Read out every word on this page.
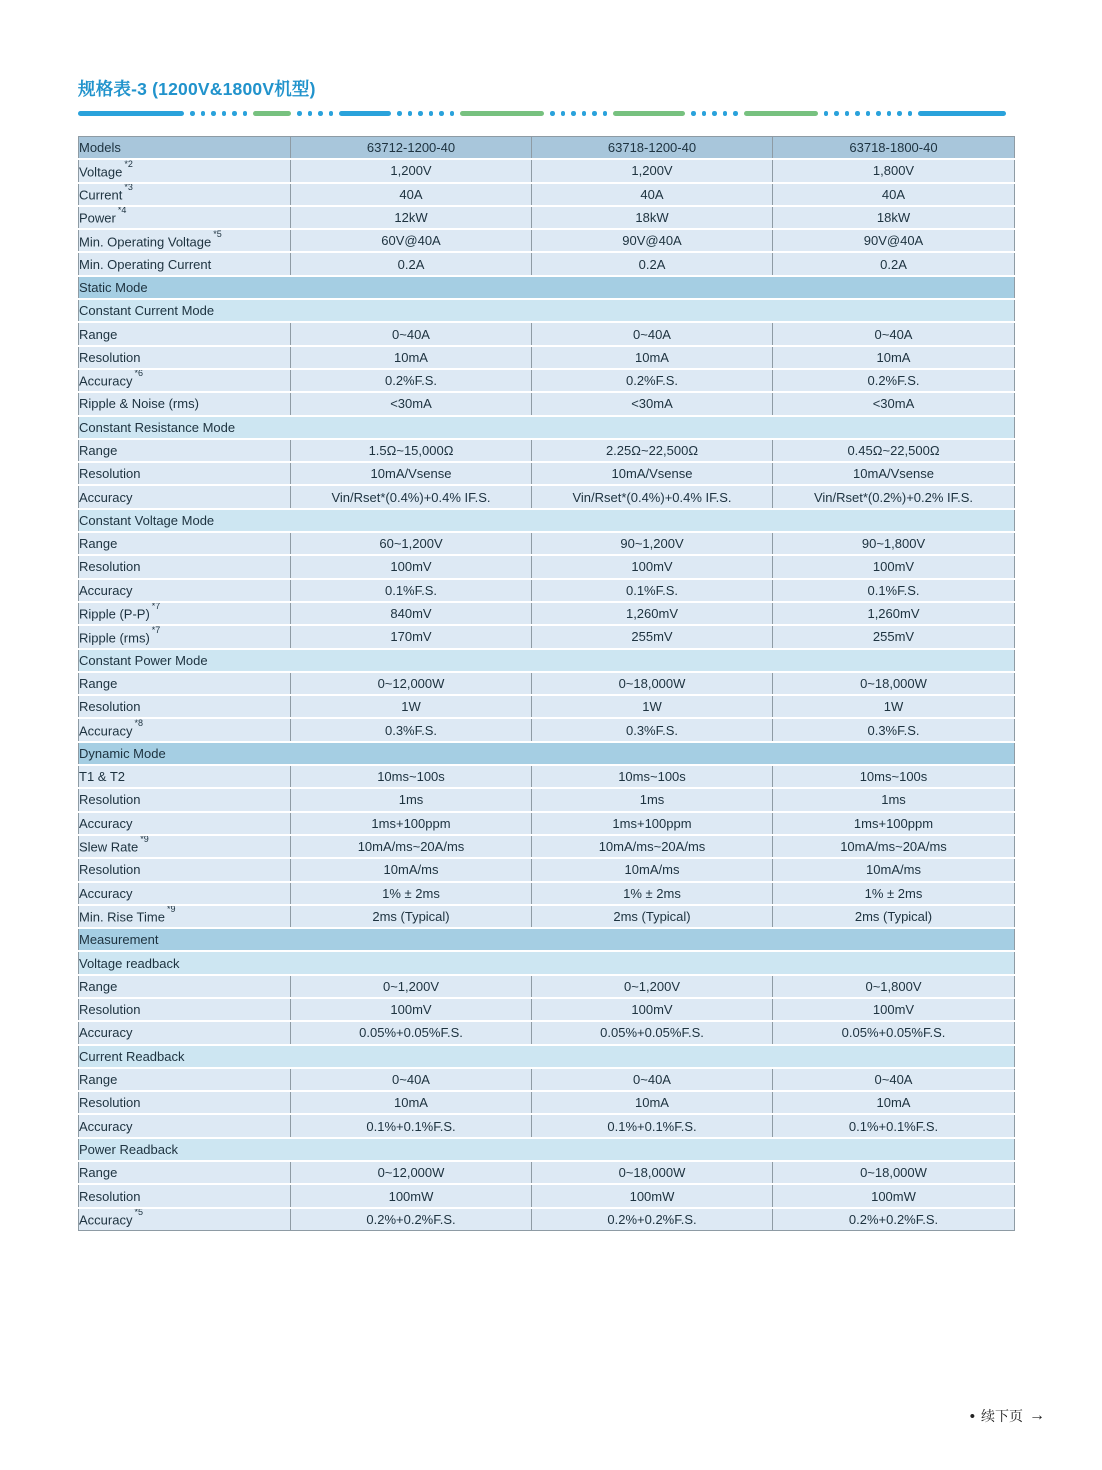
规格表-3 (1200V&1800V机型)
Models	63712-1200-40	63718-1200-40	63718-1800-40
Voltage$^{*2}$	1,200V	1,200V	1,800V
Current$^{*3}$	40A	40A	40A
Power$^{*4}$	12kW	18kW	18kW
Min. Operating Voltage$^{*5}$	60V@40A	90V@40A	90V@40A
Min. Operating Current	0.2A	0.2A	0.2A
Static Mode			
Constant Current Mode			
Range	0~40A	0~40A	0~40A
Resolution	10mA	10mA	10mA
Accuracy$^{*6}$	0.2%F.S.	0.2%F.S.	0.2%F.S.
Ripple & Noise (rms)	<30mA	<30mA	<30mA
Constant Resistance Mode			
Range	1.5Ω~15,000Ω	2.25Ω~22,500Ω	0.45Ω~22,500Ω
Resolution	10mA/Vsense	10mA/Vsense	10mA/Vsense
Accuracy	Vin/Rset*(0.4%)+0.4% IF.S.	Vin/Rset*(0.4%)+0.4% IF.S.	Vin/Rset*(0.2%)+0.2% IF.S.
Constant Voltage Mode			
Range	60~1,200V	90~1,200V	90~1,800V
Resolution	100mV	100mV	100mV
Accuracy	0.1%F.S.	0.1%F.S.	0.1%F.S.
Ripple (P-P)$^{*7}$	840mV	1,260mV	1,260mV
Ripple (rms)$^{*7}$	170mV	255mV	255mV
Constant Power Mode			
Range	0~12,000W	0~18,000W	0~18,000W
Resolution	1W	1W	1W
Accuracy$^{*8}$	0.3%F.S.	0.3%F.S.	0.3%F.S.
Dynamic Mode			
T1 & T2	10ms~100s	10ms~100s	10ms~100s
Resolution	1ms	1ms	1ms
Accuracy	1ms+100ppm	1ms+100ppm	1ms+100ppm
Slew Rate$^{*9}$	10mA/ms~20A/ms	10mA/ms~20A/ms	10mA/ms~20A/ms
Resolution	10mA/ms	10mA/ms	10mA/ms
Accuracy	1% ± 2ms	1% ± 2ms	1% ± 2ms
Min. Rise Time$^{*9}$	2ms (Typical)	2ms (Typical)	2ms (Typical)
Measurement			
Voltage readback			
Range	0~1,200V	0~1,200V	0~1,800V
Resolution	100mV	100mV	100mV
Accuracy	0.05%+0.05%F.S.	0.05%+0.05%F.S.	0.05%+0.05%F.S.
Current Readback			
Range	0~40A	0~40A	0~40A
Resolution	10mA	10mA	10mA
Accuracy	0.1%+0.1%F.S.	0.1%+0.1%F.S.	0.1%+0.1%F.S.
Power Readback			
Range	0~12,000W	0~18,000W	0~18,000W
Resolution	100mW	100mW	100mW
Accuracy$^{*5}$	0.2%+0.2%F.S.	0.2%+0.2%F.S.	0.2%+0.2%F.S.
• 续下页 →
